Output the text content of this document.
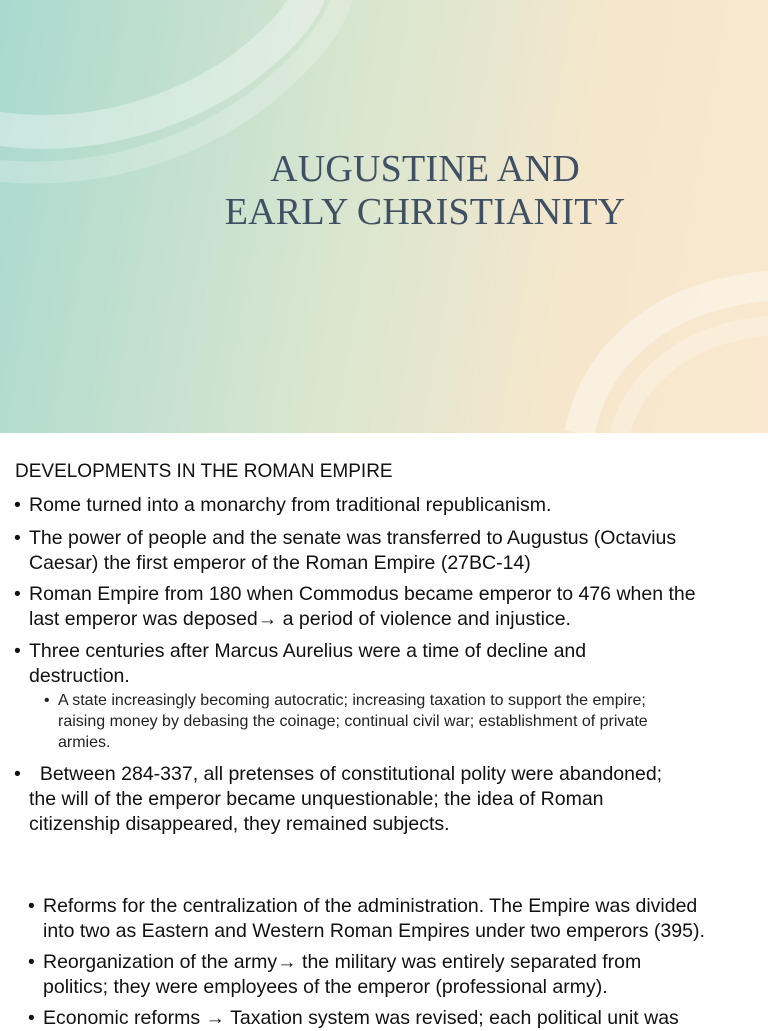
AUGUSTINE AND
EARLY CHRISTIANITY
DEVELOPMENTS IN THE ROMAN EMPIRE
• Rome turned into a monarchy from traditional republicanism.
• The power of people and the senate was transferred to Augustus (Octavius
Caesar) the first emperor of the Roman Empire (27BC-14)
• Roman Empire from 180 when Commodus became emperor to 476 when the
last emperor was deposed→ a period of violence and injustice.
• Three centuries after Marcus Aurelius were a time of decline and
destruction.
• A state increasingly becoming autocratic; increasing taxation to support the empire;
raising money by debasing the coinage; continual civil war; establishment of private
armies.
• Between 284-337, all pretenses of constitutional polity were abandoned;
the will of the emperor became unquestionable; the idea of Roman
citizenship disappeared, they remained subjects.
• Reforms for the centralization of the administration. The Empire was divided
into two as Eastern and Western Roman Empires under two emperors (395).
• Reorganization of the army→ the military was entirely separated from
politics; they were employees of the emperor (professional army).
• Economic reforms → Taxation system was revised; each political unit was
